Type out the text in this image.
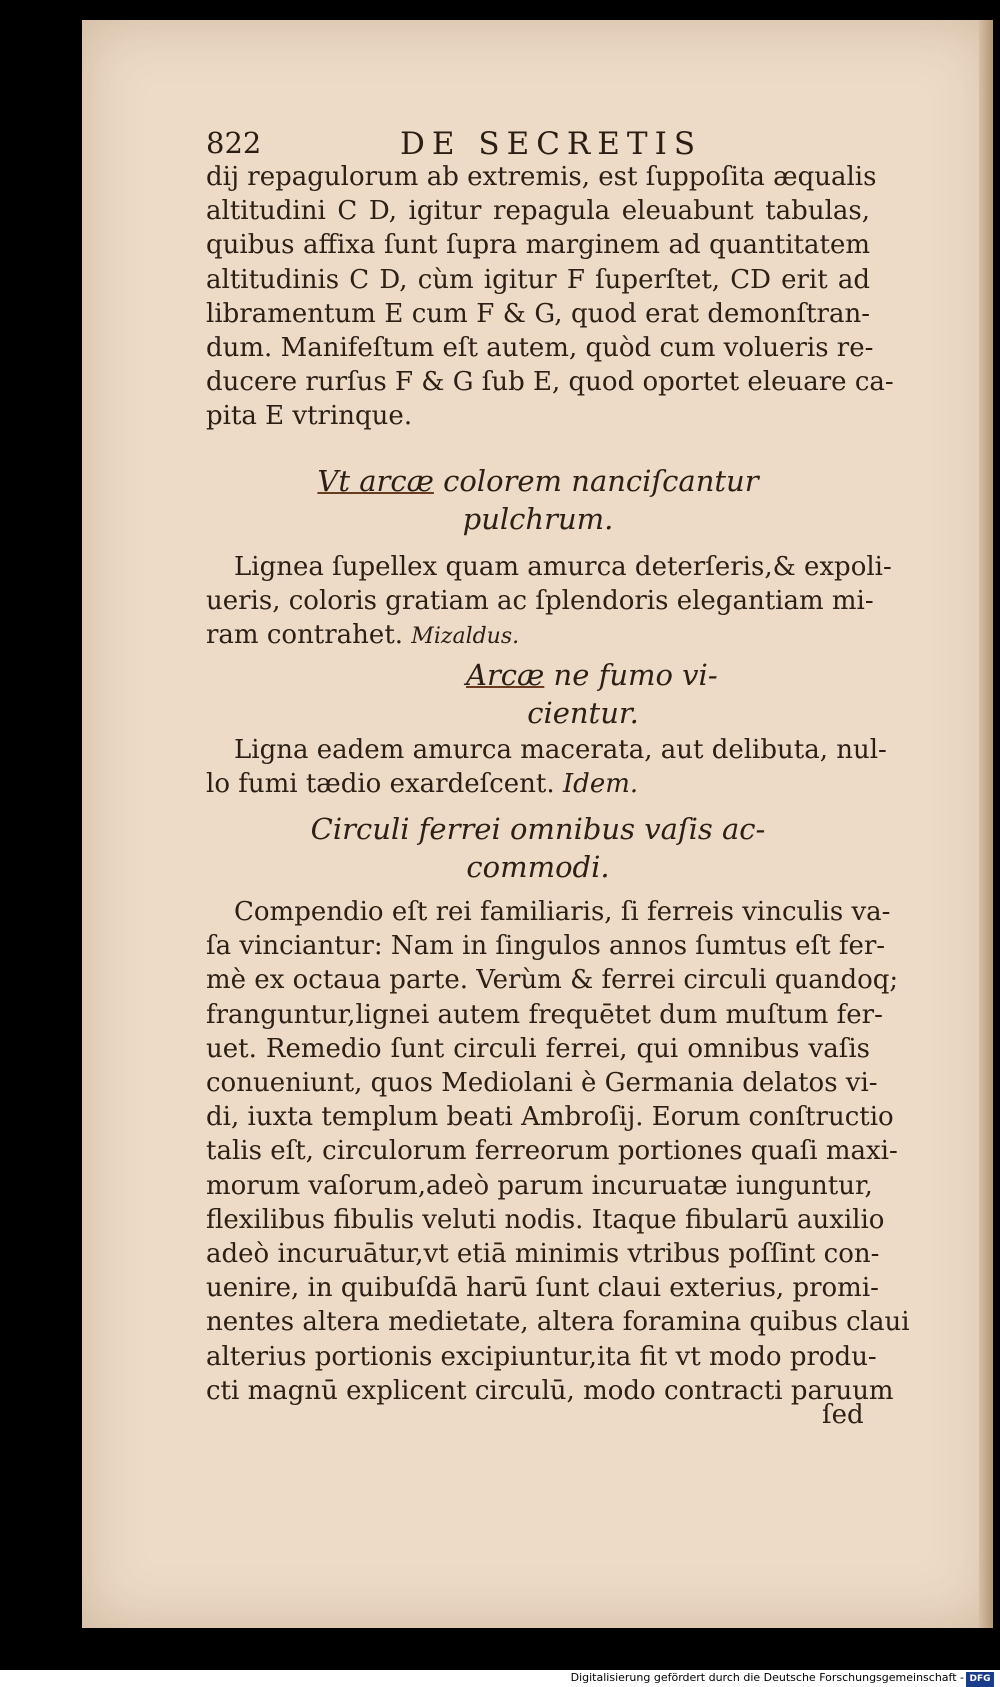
822	DE SECRETIS
dij repagulorum ab extremis, est ſuppoſita æqualis
altitudini C D, igitur repagula eleuabunt tabulas,
quibus affixa ſunt ſupra marginem ad quantitatem
altitudinis C D, cùm igitur F ſuperſtet, CD erit ad
libramentum E cum F & G, quod erat demonſtran-
dum. Manifeſtum eſt autem, quòd cum volueris re-
ducere rurſus F & G ſub E, quod oportet eleuare ca-
pita E vtrinque.
Vt arcæ colorem nanciſcantur
pulchrum.
Lignea ſupellex quam amurca deterſeris,& expoli-
ueris, coloris gratiam ac ſplendoris elegantiam mi-
ram contrahet. Mizaldus.
Arcæ ne fumo vi-
cientur.
Ligna eadem amurca macerata, aut delibuta, nul-
lo fumi tædio exardeſcent. Idem.
Circuli ferrei omnibus vaſis ac-
commodi.
Compendio eſt rei familiaris, ſi ferreis vinculis va-
ſa vinciantur: Nam in ſingulos annos ſumtus eſt fer-
mè ex octaua parte. Verùm & ferrei circuli quandoq;
franguntur,lignei autem frequētet dum muſtum fer-
uet. Remedio ſunt circuli ferrei, qui omnibus vaſis
conueniunt, quos Mediolani è Germania delatos vi-
di, iuxta templum beati Ambroſij. Eorum conſtructio
talis eſt, circulorum ferreorum portiones quaſi maxi-
morum vaſorum,adeò parum incuruatæ iunguntur,
flexilibus fibulis veluti nodis. Itaque fibularū auxilio
adeò incuruātur,vt etiā minimis vtribus poſſint con-
uenire, in quibuſdā harū ſunt claui exterius, promi-
nentes altera medietate, altera foramina quibus claui
alterius portionis excipiuntur,ita fit vt modo produ-
cti magnū explicent circulū, modo contracti paruum
ſed
Digitalisierung gefördert durch die Deutsche Forschungsgemeinschaft - DFG
